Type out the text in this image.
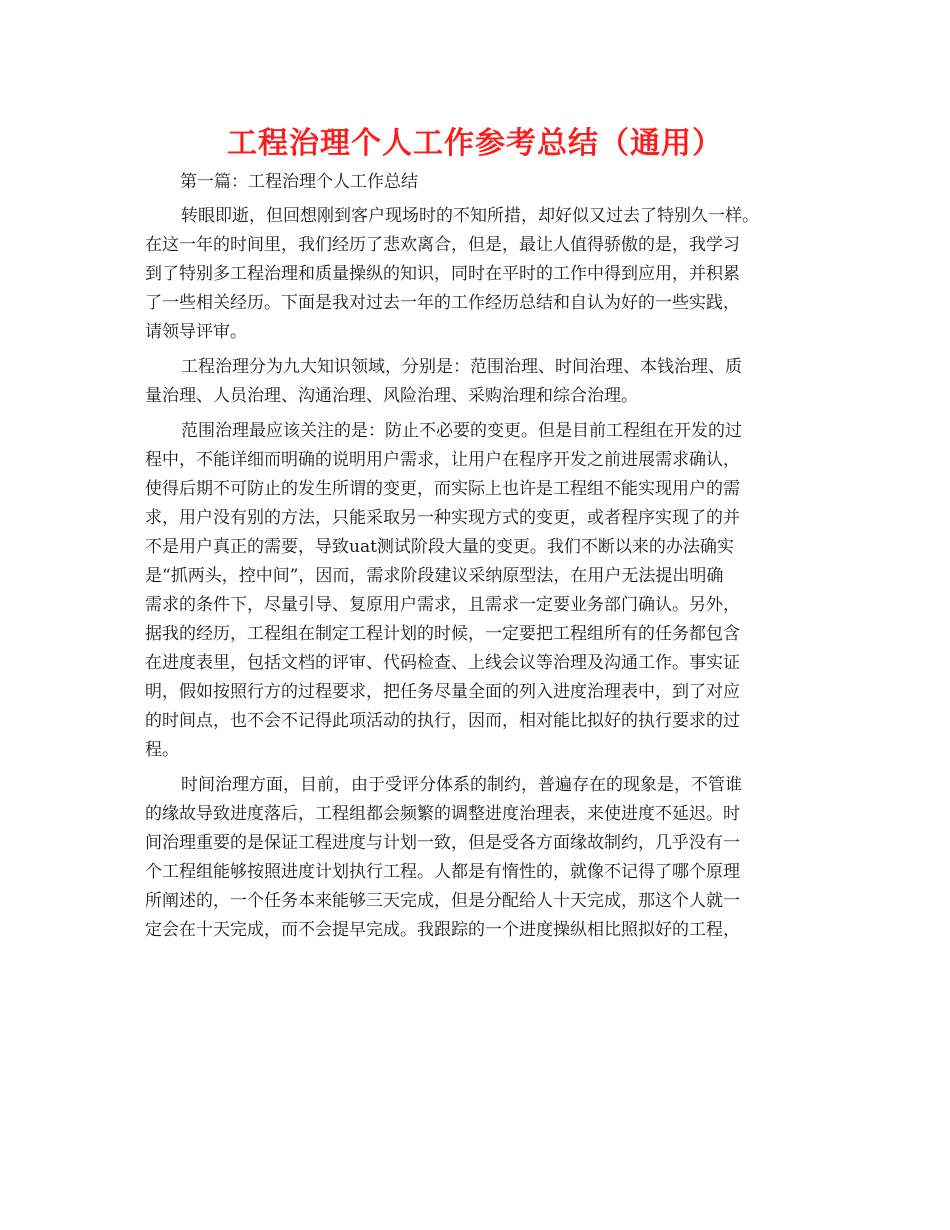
工程治理个人工作参考总结（通用）

第一篇：工程治理个人工作总结

转眼即逝，但回想刚到客户现场时的不知所措，却好似又过去了特别久一样。
在这一年的时间里，我们经历了悲欢离合，但是，最让人值得骄傲的是，我学习
到了特别多工程治理和质量操纵的知识，同时在平时的工作中得到应用，并积累
了一些相关经历。下面是我对过去一年的工作经历总结和自认为好的一些实践，
请领导评审。
工程治理分为九大知识领域，分别是：范围治理、时间治理、本钱治理、质
量治理、人员治理、沟通治理、风险治理、采购治理和综合治理。
范围治理最应该关注的是：防止不必要的变更。但是目前工程组在开发的过
程中，不能详细而明确的说明用户需求，让用户在程序开发之前进展需求确认，
使得后期不可防止的发生所谓的变更，而实际上也许是工程组不能实现用户的需
求，用户没有别的方法，只能采取另一种实现方式的变更，或者程序实现了的并
不是用户真正的需要，导致uat测试阶段大量的变更。我们不断以来的办法确实
是“抓两头，控中间”，因而，需求阶段建议采纳原型法，在用户无法提出明确
需求的条件下，尽量引导、复原用户需求，且需求一定要业务部门确认。另外，
据我的经历，工程组在制定工程计划的时候，一定要把工程组所有的任务都包含
在进度表里，包括文档的评审、代码检查、上线会议等治理及沟通工作。事实证
明，假如按照行方的过程要求，把任务尽量全面的列入进度治理表中，到了对应
的时间点，也不会不记得此项活动的执行，因而，相对能比拟好的执行要求的过
程。
时间治理方面，目前，由于受评分体系的制约，普遍存在的现象是，不管谁
的缘故导致进度落后，工程组都会频繁的调整进度治理表，来使进度不延迟。时
间治理重要的是保证工程进度与计划一致，但是受各方面缘故制约，几乎没有一
个工程组能够按照进度计划执行工程。人都是有惰性的，就像不记得了哪个原理
所阐述的，一个任务本来能够三天完成，但是分配给人十天完成，那这个人就一
定会在十天完成，而不会提早完成。我跟踪的一个进度操纵相比照拟好的工程，
